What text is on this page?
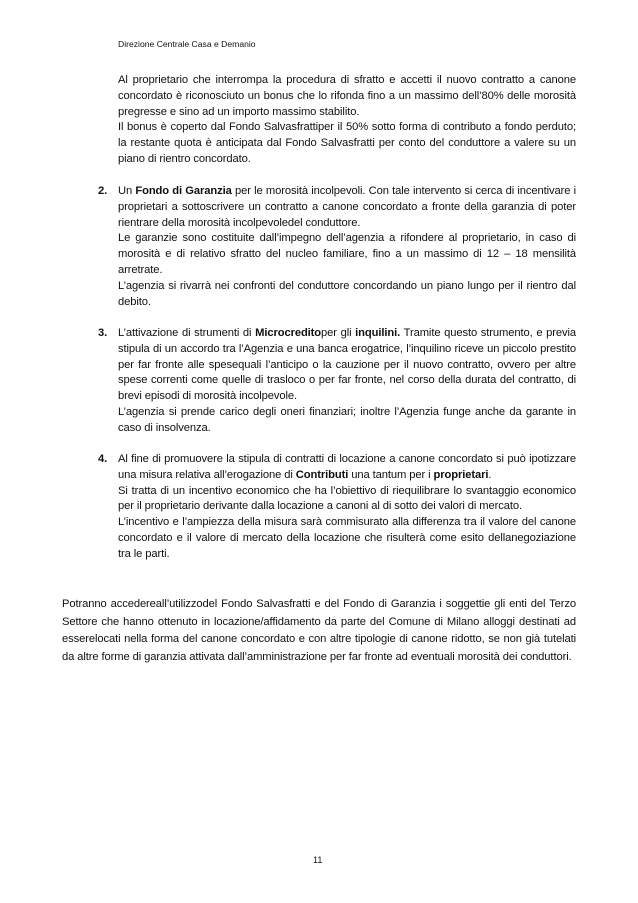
Direzione Centrale Casa e Demanio

Al proprietario che interrompa la procedura di sfratto e accetti il nuovo contratto a canone concordato è riconosciuto un bonus che lo rifonda fino a un massimo dell’80% delle morosità pregresse e sino ad un importo massimo stabilito.

Il bonus è coperto dal Fondo Salvasfrattiper il 50% sotto forma di contributo a fondo perduto; la restante quota è anticipata dal Fondo Salvasfratti per conto del conduttore a valere su un piano di rientro concordato.

2. Un Fondo di Garanzia per le morosità incolpevoli. Con tale intervento si cerca di incentivare i proprietari a sottoscrivere un contratto a canone concordato a fronte della garanzia di poter rientrare della morosità incolpevoledel conduttore.

Le garanzie sono costituite dall’impegno dell’agenzia a rifondere al proprietario, in caso di morosità e di relativo sfratto del nucleo familiare, fino a un massimo di 12 – 18 mensilità arretrate.

L’agenzia si rivarrà nei confronti del conduttore concordando un piano lungo per il rientro dal debito.

3. L’attivazione di strumenti di Microcreditoper gli inquilini. Tramite questo strumento, e previa stipula di un accordo tra l’Agenzia e una banca erogatrice, l’inquilino riceve un piccolo prestito per far fronte alle spesequali l’anticipo o la cauzione per il nuovo contratto, ovvero per altre spese correnti come quelle di trasloco o per far fronte, nel corso della durata del contratto, di brevi episodi di morosità incolpevole.

L’agenzia si prende carico degli oneri finanziari; inoltre l’Agenzia funge anche da garante in caso di insolvenza.

4. Al fine di promuovere la stipula di contratti di locazione a canone concordato si può ipotizzare una misura relativa all’erogazione di Contributi una tantum per i proprietari.

Si tratta di un incentivo economico che ha l’obiettivo di riequilibrare lo svantaggio economico per il proprietario derivante dalla locazione a canoni al di sotto dei valori di mercato.

L’incentivo e l’ampiezza della misura sarà commisurato alla differenza tra il valore del canone concordato e il valore di mercato della locazione che risulterà come esito dellanegoziazione tra le parti.

Potranno accedereall’utilizzodel Fondo Salvasfratti e del Fondo di Garanzia i soggettie gli enti del Terzo Settore che hanno ottenuto in locazione/affidamento da parte del Comune di Milano alloggi destinati ad esserelocati nella forma del canone concordato e con altre tipologie di canone ridotto, se non già tutelati da altre forme di garanzia attivata dall’amministrazione per far fronte ad eventuali morosità dei conduttori.

11
